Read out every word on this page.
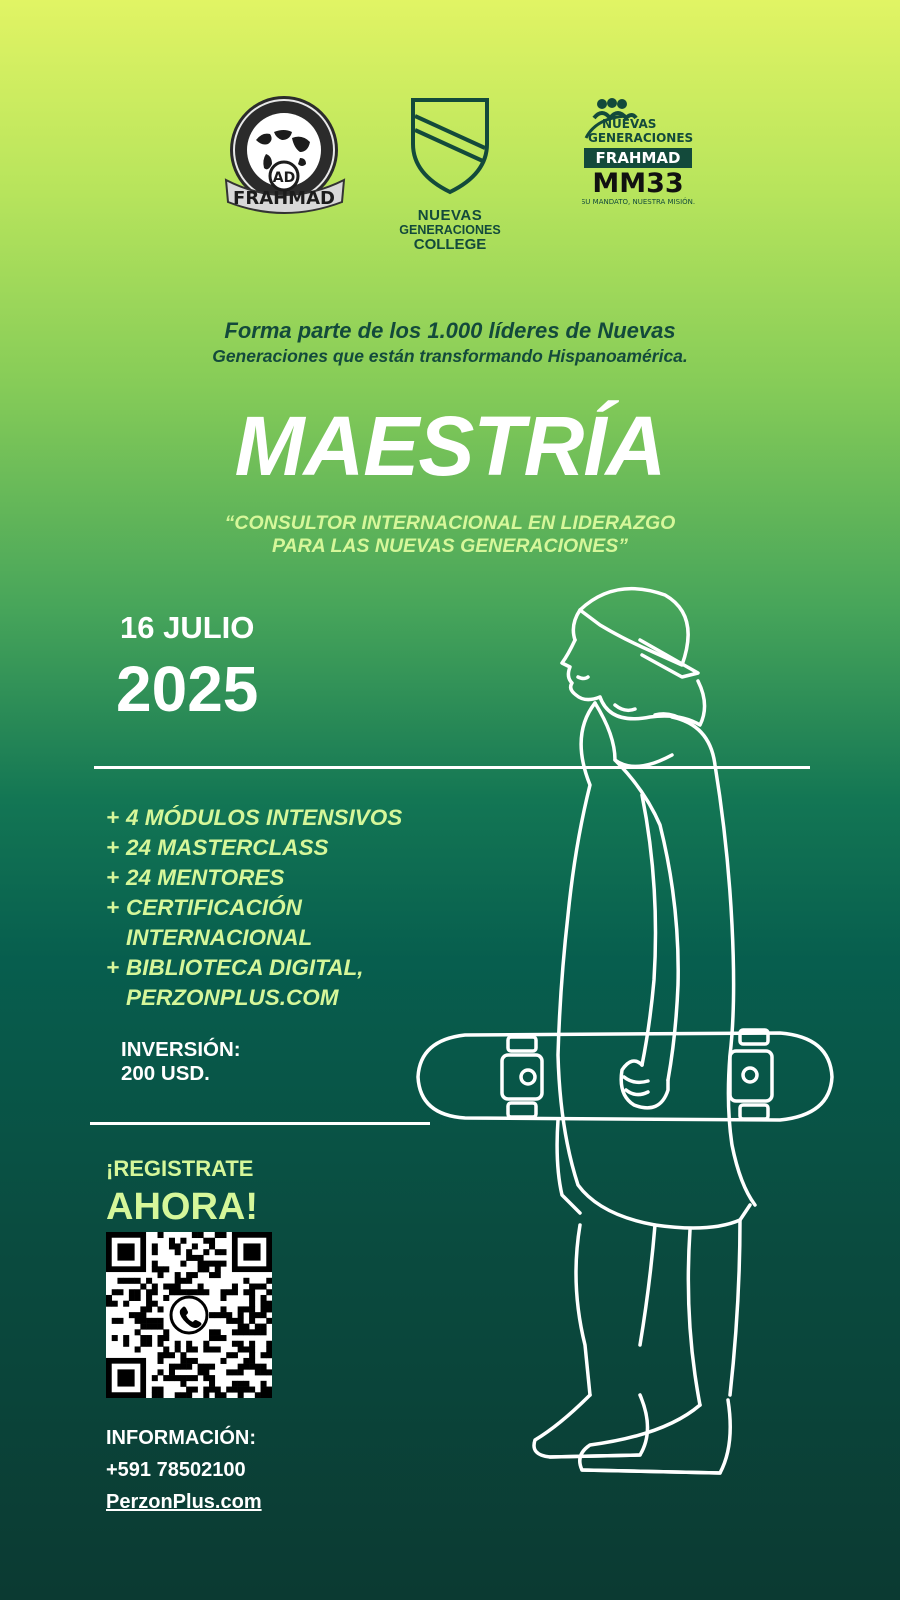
AD
FRAHMAD
NUEVAS
GENERACIONES
COLLEGE
NUEVAS
GENERACIONES
FRAHMAD
MM33
SU MANDATO, NUESTRA MISIÓN.
Forma parte de los 1.000 líderes de Nuevas
Generaciones que están transformando Hispanoamérica.
MAESTRÍA
“CONSULTOR INTERNACIONAL EN LIDERAZGO
PARA LAS NUEVAS GENERACIONES”
16 JULIO
2025
+ 4 MÓDULOS INTENSIVOS
+ 24 MASTERCLASS
+ 24 MENTORES
+ CERTIFICACIÓN INTERNACIONAL
+ BIBLIOTECA DIGITAL, PERZONPLUS.COM
INVERSIÓN:
200 USD.
¡REGISTRATE
AHORA!
INFORMACIÓN:
+591 78502100
PerzonPlus.com
